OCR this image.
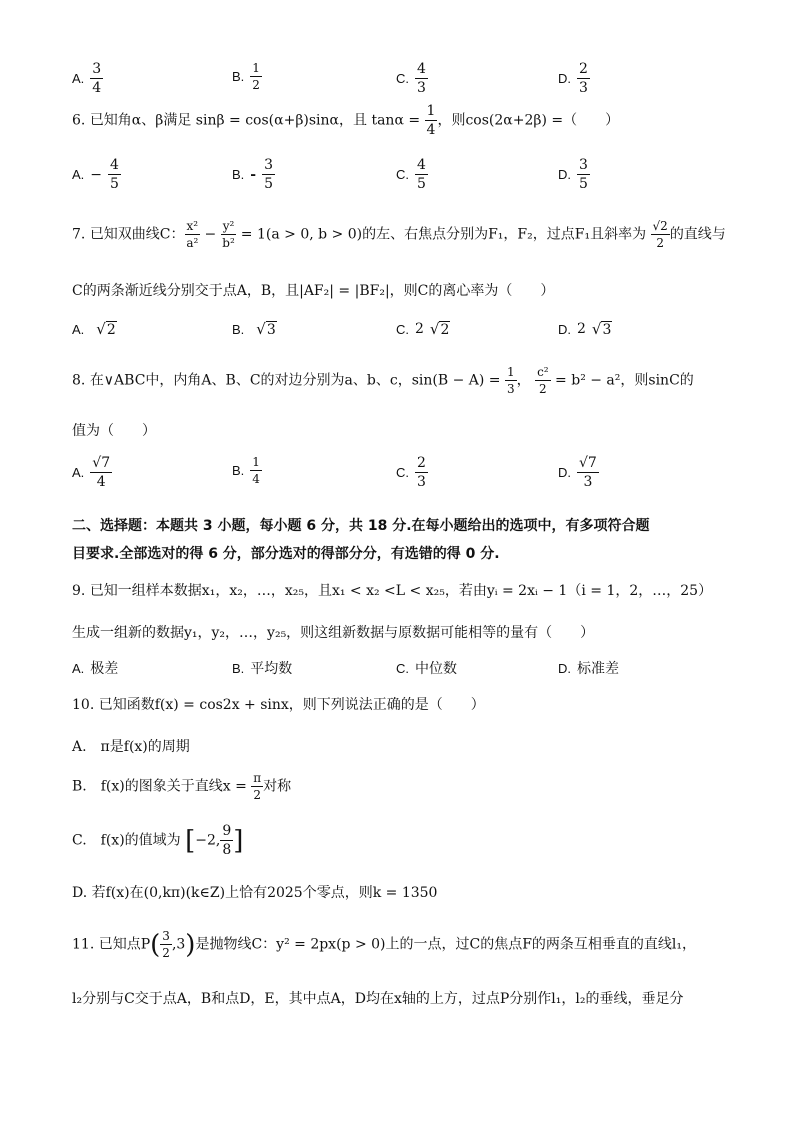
A. $\frac{3}{4}$	B. $\frac{1}{2}$	C. $\frac{4}{3}$	D. $\frac{2}{3}$
6. 已知角α、β满足 sinβ = cos(α+β)sinα，且 $\tan\alpha = \frac{1}{4}$ ，则cos(2α+2β) =（　　）
A. − $\frac{4}{5}$	B. - $\frac{3}{5}$	C. $\frac{4}{5}$	D. $\frac{3}{5}$
7. 已知双曲线C： $\frac{\text{x²}}{\text{a²}} - \frac{\text{y²}}{\text{b²}} = 1(a > 0$, b > 0)的左、右焦点分别为F₁，F₂，过点F₁且斜率为 $\frac{√2}{2}$ 的直线与
C的两条渐近线分别交于点A，B，且|AF₂| = |BF₂|，则C的离心率为（　　）
A. √ 2	B. √ 3	C. 2 √ 2	D. 2 √ 3
8. 在∨ABC中，内角A、B、C的对边分别为a、b、c，$\sin(B - A) = \frac{1}{3}$ ， $\frac{\text{c²}}{2} = b^2 - a^2$，则sinC的
值为（　　）
A. $\frac{√7}{4}$	B. $\frac{1}{4}$	C. $\frac{2}{3}$	D. $\frac{√7}{3}$
二、选择题：本题共 3 小题，每小题 6 分，共 18 分.在每小题给出的选项中，有多项符合题
目要求.全部选对的得 6 分，部分选对的得部分分，有选错的得 0 分.
9. 已知一组样本数据x₁，x₂，…，x₂₅，且x₁ < x₂ <L < x₂₅，若由yᵢ = 2xᵢ − 1（i = 1，2，…，25）
生成一组新的数据y₁，y₂，…，y₂₅，则这组新数据与原数据可能相等的量有（　　）
A. 极差	B. 平均数	C. 中位数	D. 标准差
10. 已知函数f(x) = cos2x + sinx，则下列说法正确的是（　　）
A.　π是f(x)的周期
B.　f(x)的图象关于直线$x = \frac{\pi}{2}$ 对称
C.　f(x)的值域为 [−2, $\frac{9}{8}$ ]
D. 若f(x)在(0,kπ)(k∈Z)上恰有2025个零点，则k = 1350
11. 已知点$P( \frac{3}{2} ,3)$是抛物线C：y² = 2px(p > 0)上的一点，过C的焦点F的两条互相垂直的直线l₁，
l₂分别与C交于点A，B和点D，E，其中点A，D均在x轴的上方，过点P分别作l₁，l₂的垂线，垂足分
